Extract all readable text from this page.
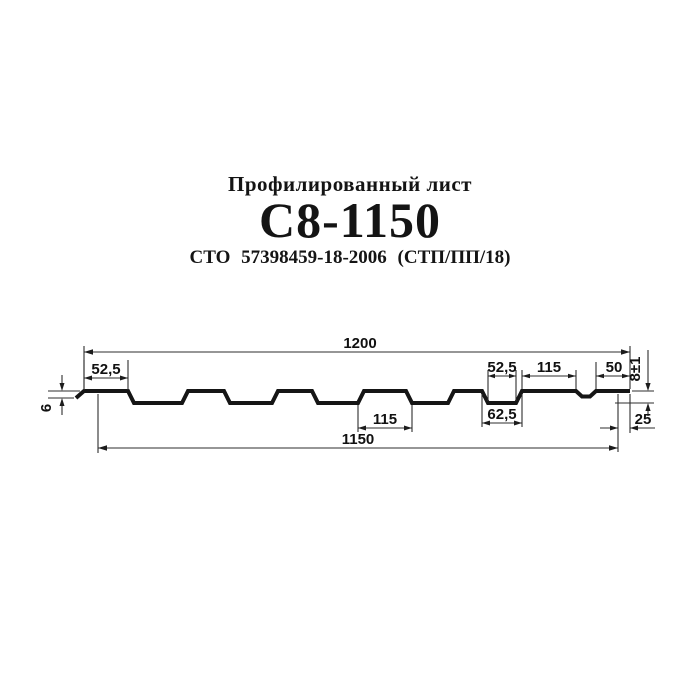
Профилированный лист
С8-1150
СТО 57398459-18-2006 (СТП/ПП/18)
1200
52,5
6
1150
115	62,5
52,5 115	50 8±1
25
